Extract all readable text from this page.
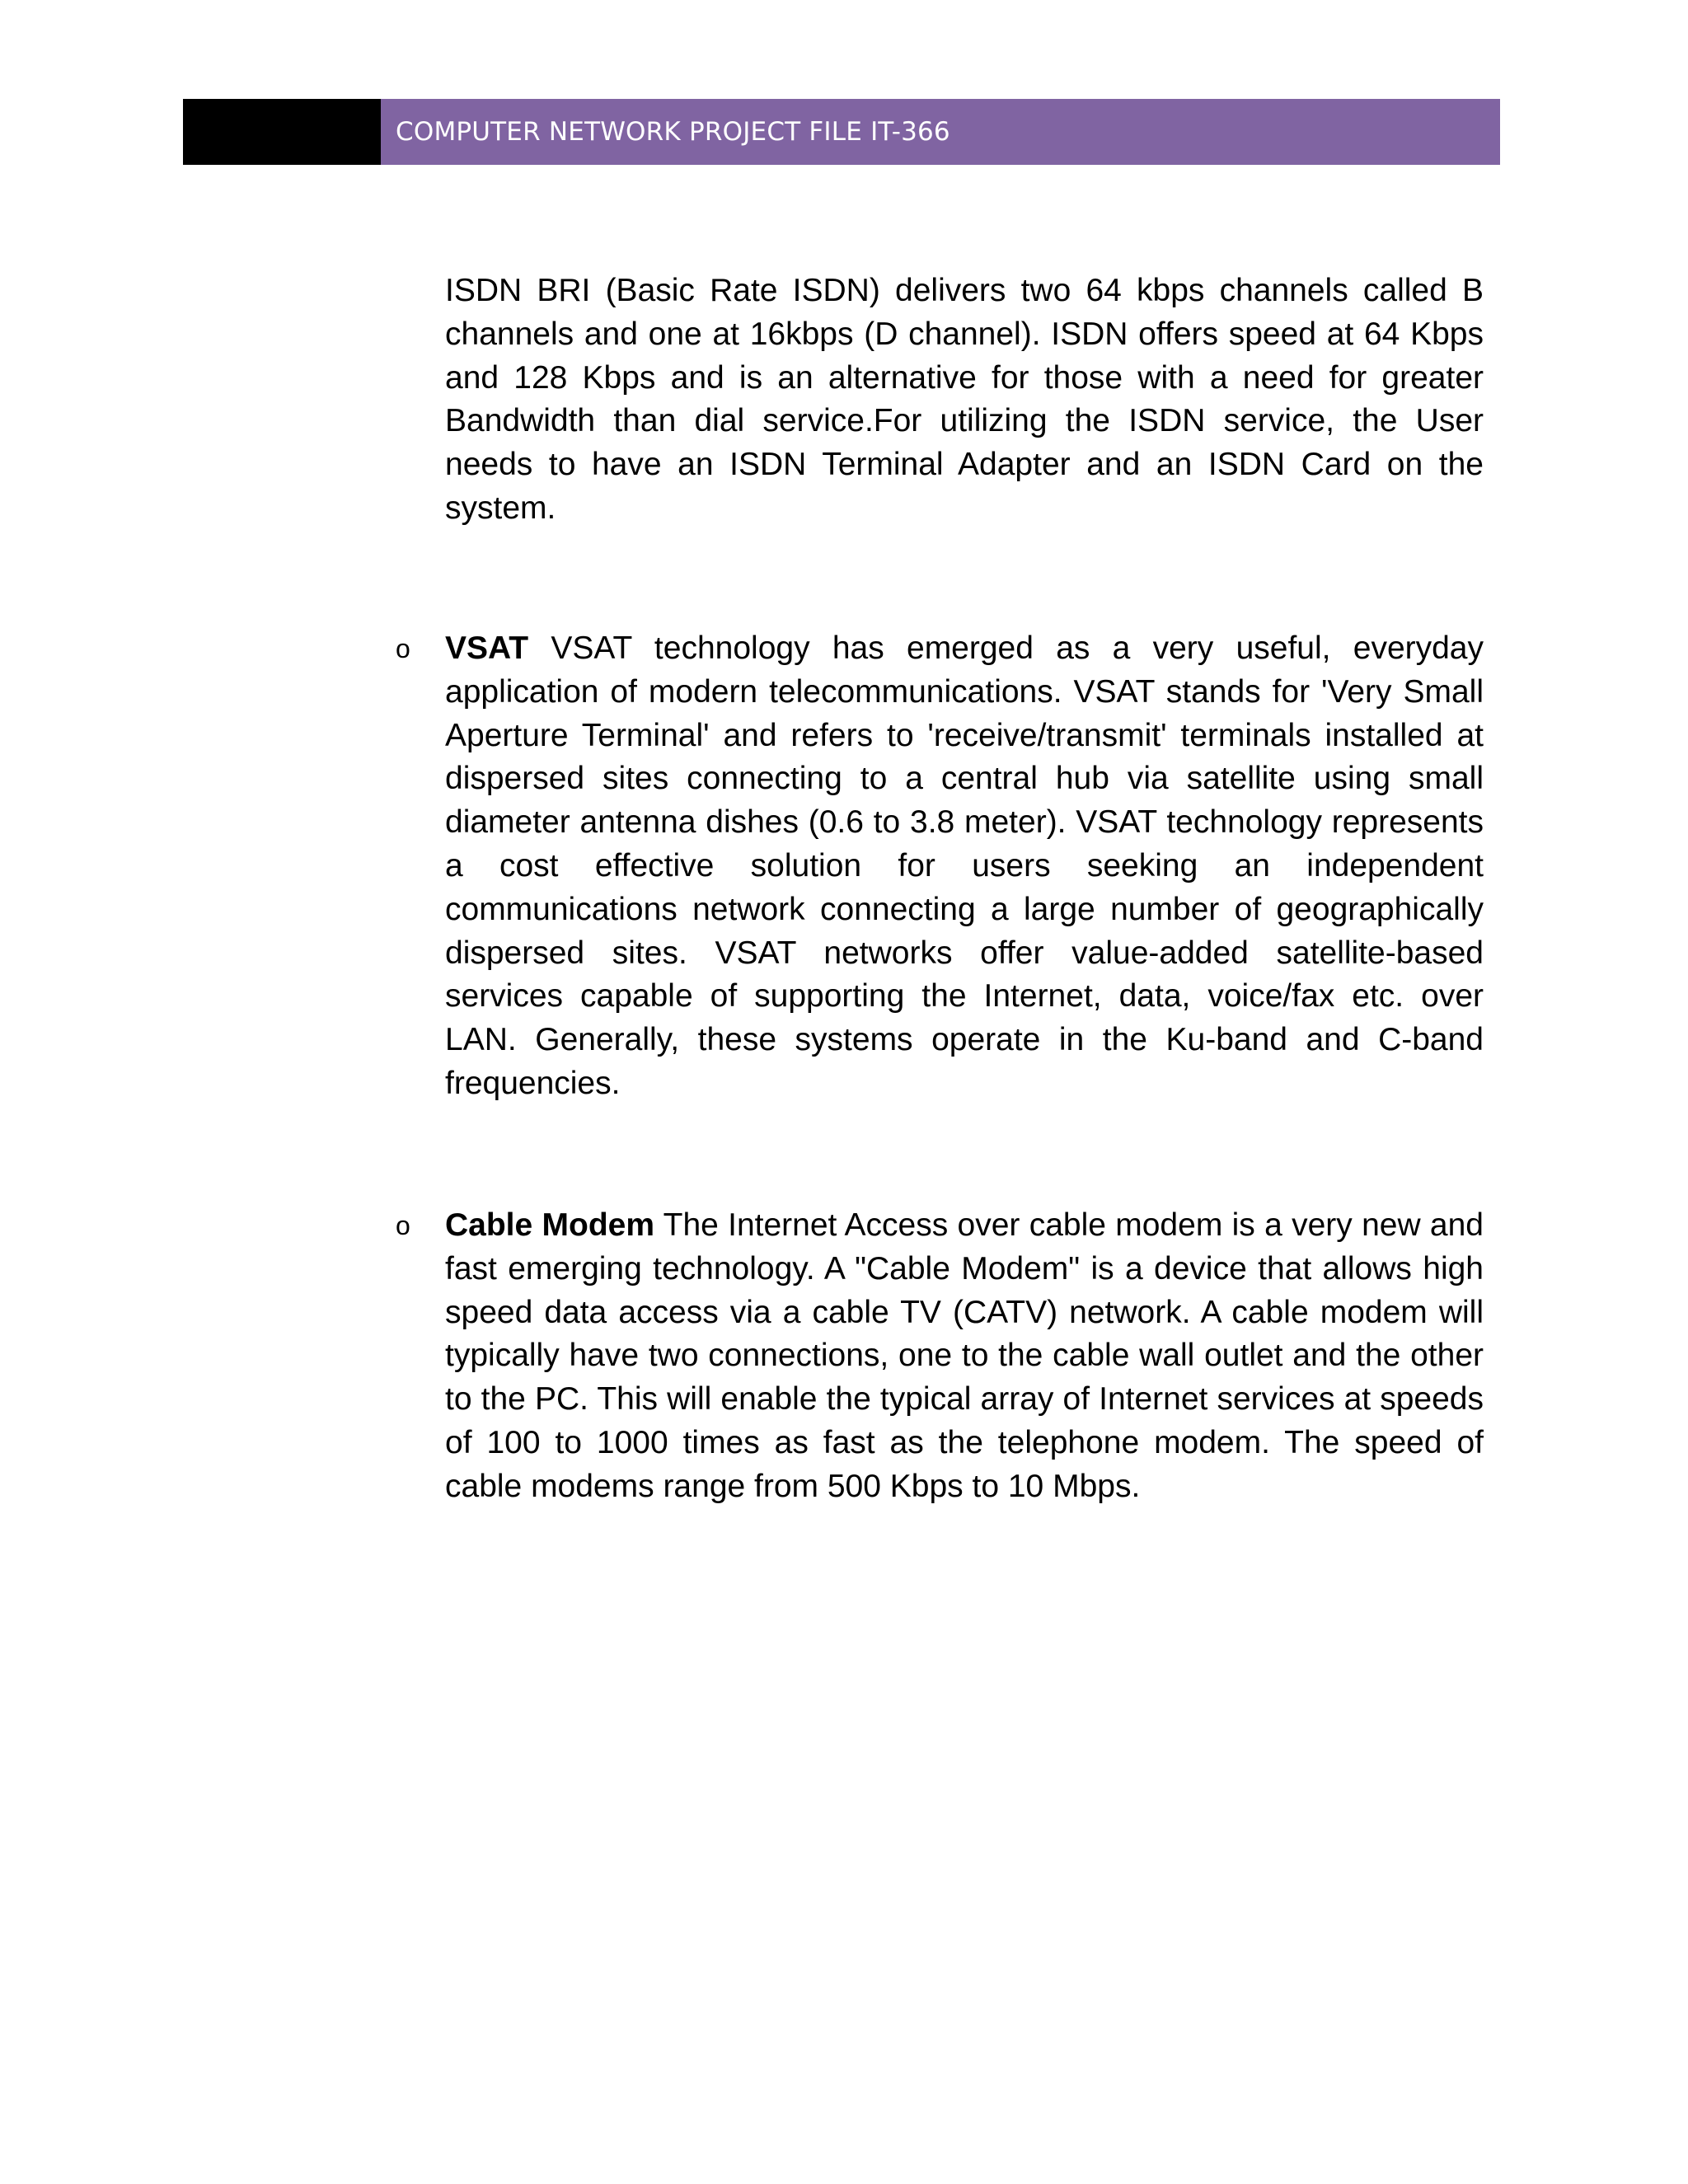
COMPUTER NETWORK PROJECT FILE IT-366

ISDN BRI (Basic Rate ISDN) delivers two 64 kbps channels called B channels and one at 16kbps (D channel). ISDN offers speed at 64 Kbps and 128 Kbps and is an alternative for those with a need for greater Bandwidth than dial service.For utilizing the ISDN service, the User needs to have an ISDN Terminal Adapter and an ISDN Card on the system.

o VSAT VSAT technology has emerged as a very useful, everyday application of modern telecommunications. VSAT stands for 'Very Small Aperture Terminal' and refers to 'receive/transmit' terminals installed at dispersed sites connecting to a central hub via satellite using small diameter antenna dishes (0.6 to 3.8 meter). VSAT technology represents a cost effective solution for users seeking an independent communications network connecting a large number of geographically dispersed sites. VSAT networks offer value-added satellite-based services capable of supporting the Internet, data, voice/fax etc. over LAN. Generally, these systems operate in the Ku-band and C-band frequencies.

o Cable Modem The Internet Access over cable modem is a very new and fast emerging technology. A "Cable Modem" is a device that allows high speed data access via a cable TV (CATV) network. A cable modem will typically have two connections, one to the cable wall outlet and the other to the PC. This will enable the typical array of Internet services at speeds of 100 to 1000 times as fast as the telephone modem. The speed of cable modems range from 500 Kbps to 10 Mbps.
